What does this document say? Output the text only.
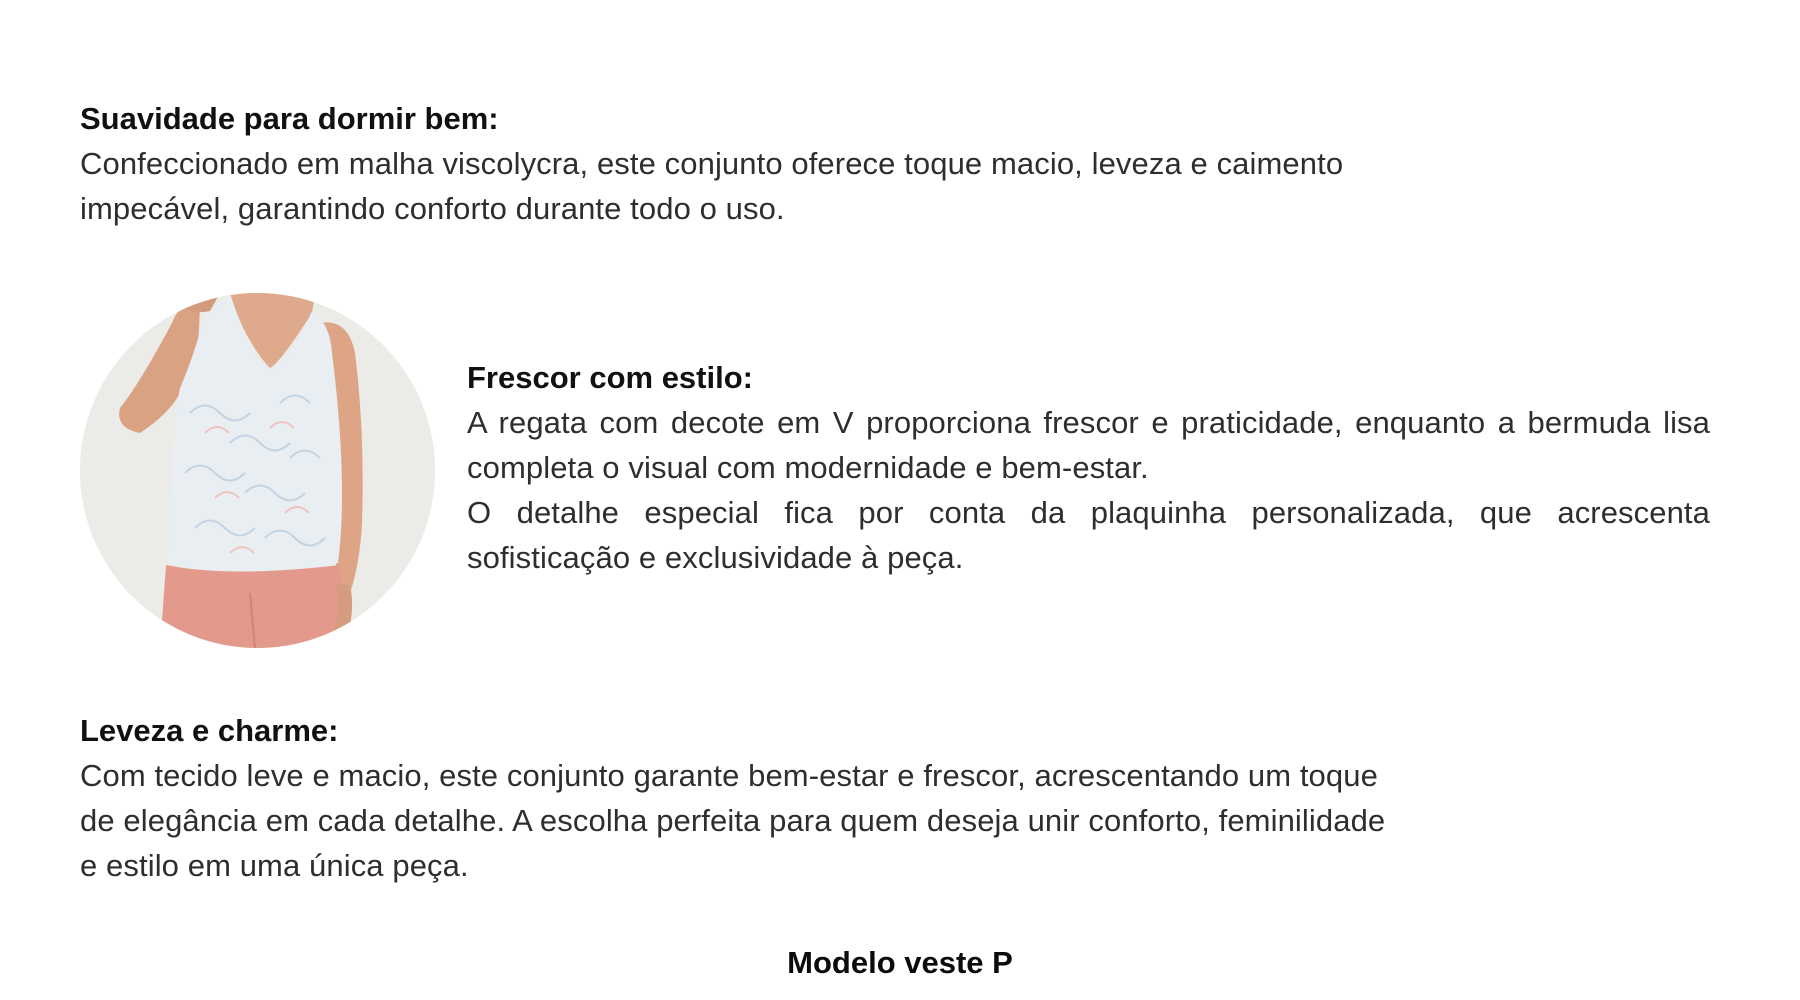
Suavidade para dormir bem:

Confeccionado em malha viscolycra, este conjunto oferece toque macio, leveza e caimento

impecável, garantindo conforto durante todo o uso.

Frescor com estilo:

A regata com decote em V proporciona frescor e praticidade, enquanto a bermuda lisa completa o visual com modernidade e bem-estar.

O detalhe especial fica por conta da plaquinha personalizada, que acrescenta sofisticação e exclusividade à peça.

Leveza e charme:

Com tecido leve e macio, este conjunto garante bem-estar e frescor, acrescentando um toque

de elegância em cada detalhe. A escolha perfeita para quem deseja unir conforto, feminilidade

e estilo em uma única peça.

Modelo veste P
